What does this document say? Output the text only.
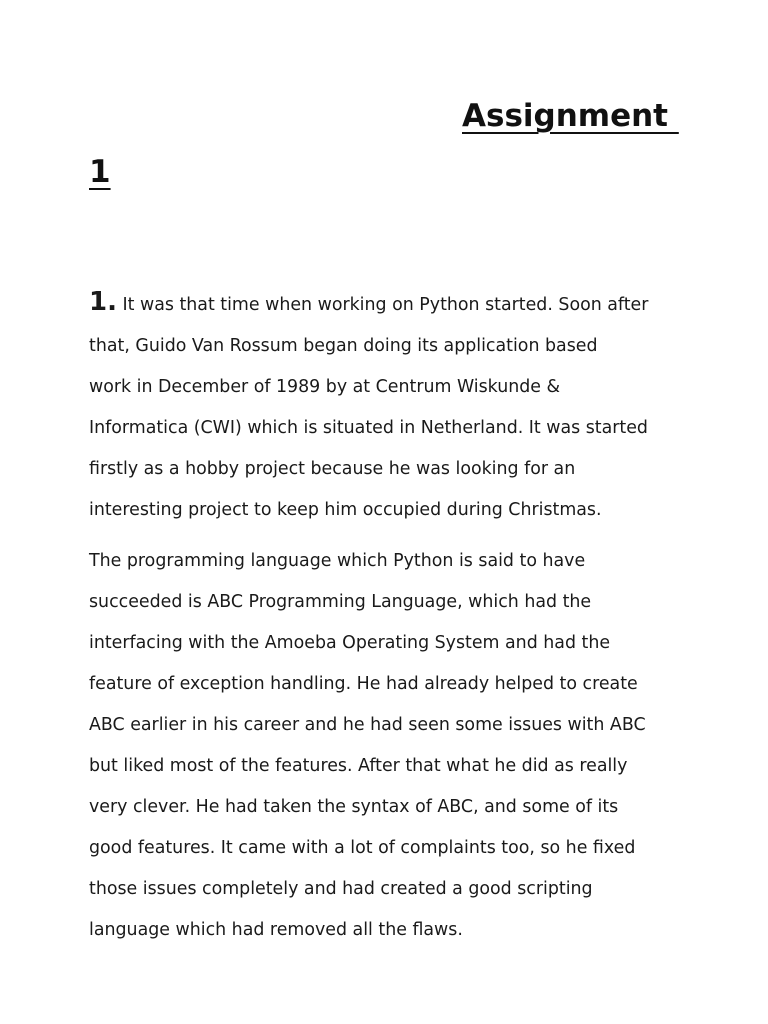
Assignment
1
1. It was that time when working on Python started. Soon after
that, Guido Van Rossum began doing its application based
work in December of 1989 by at Centrum Wiskunde &
Informatica (CWI) which is situated in Netherland. It was started
firstly as a hobby project because he was looking for an
interesting project to keep him occupied during Christmas.
The programming language which Python is said to have
succeeded is ABC Programming Language, which had the
interfacing with the Amoeba Operating System and had the
feature of exception handling. He had already helped to create
ABC earlier in his career and he had seen some issues with ABC
but liked most of the features. After that what he did as really
very clever. He had taken the syntax of ABC, and some of its
good features. It came with a lot of complaints too, so he fixed
those issues completely and had created a good scripting
language which had removed all the flaws.
